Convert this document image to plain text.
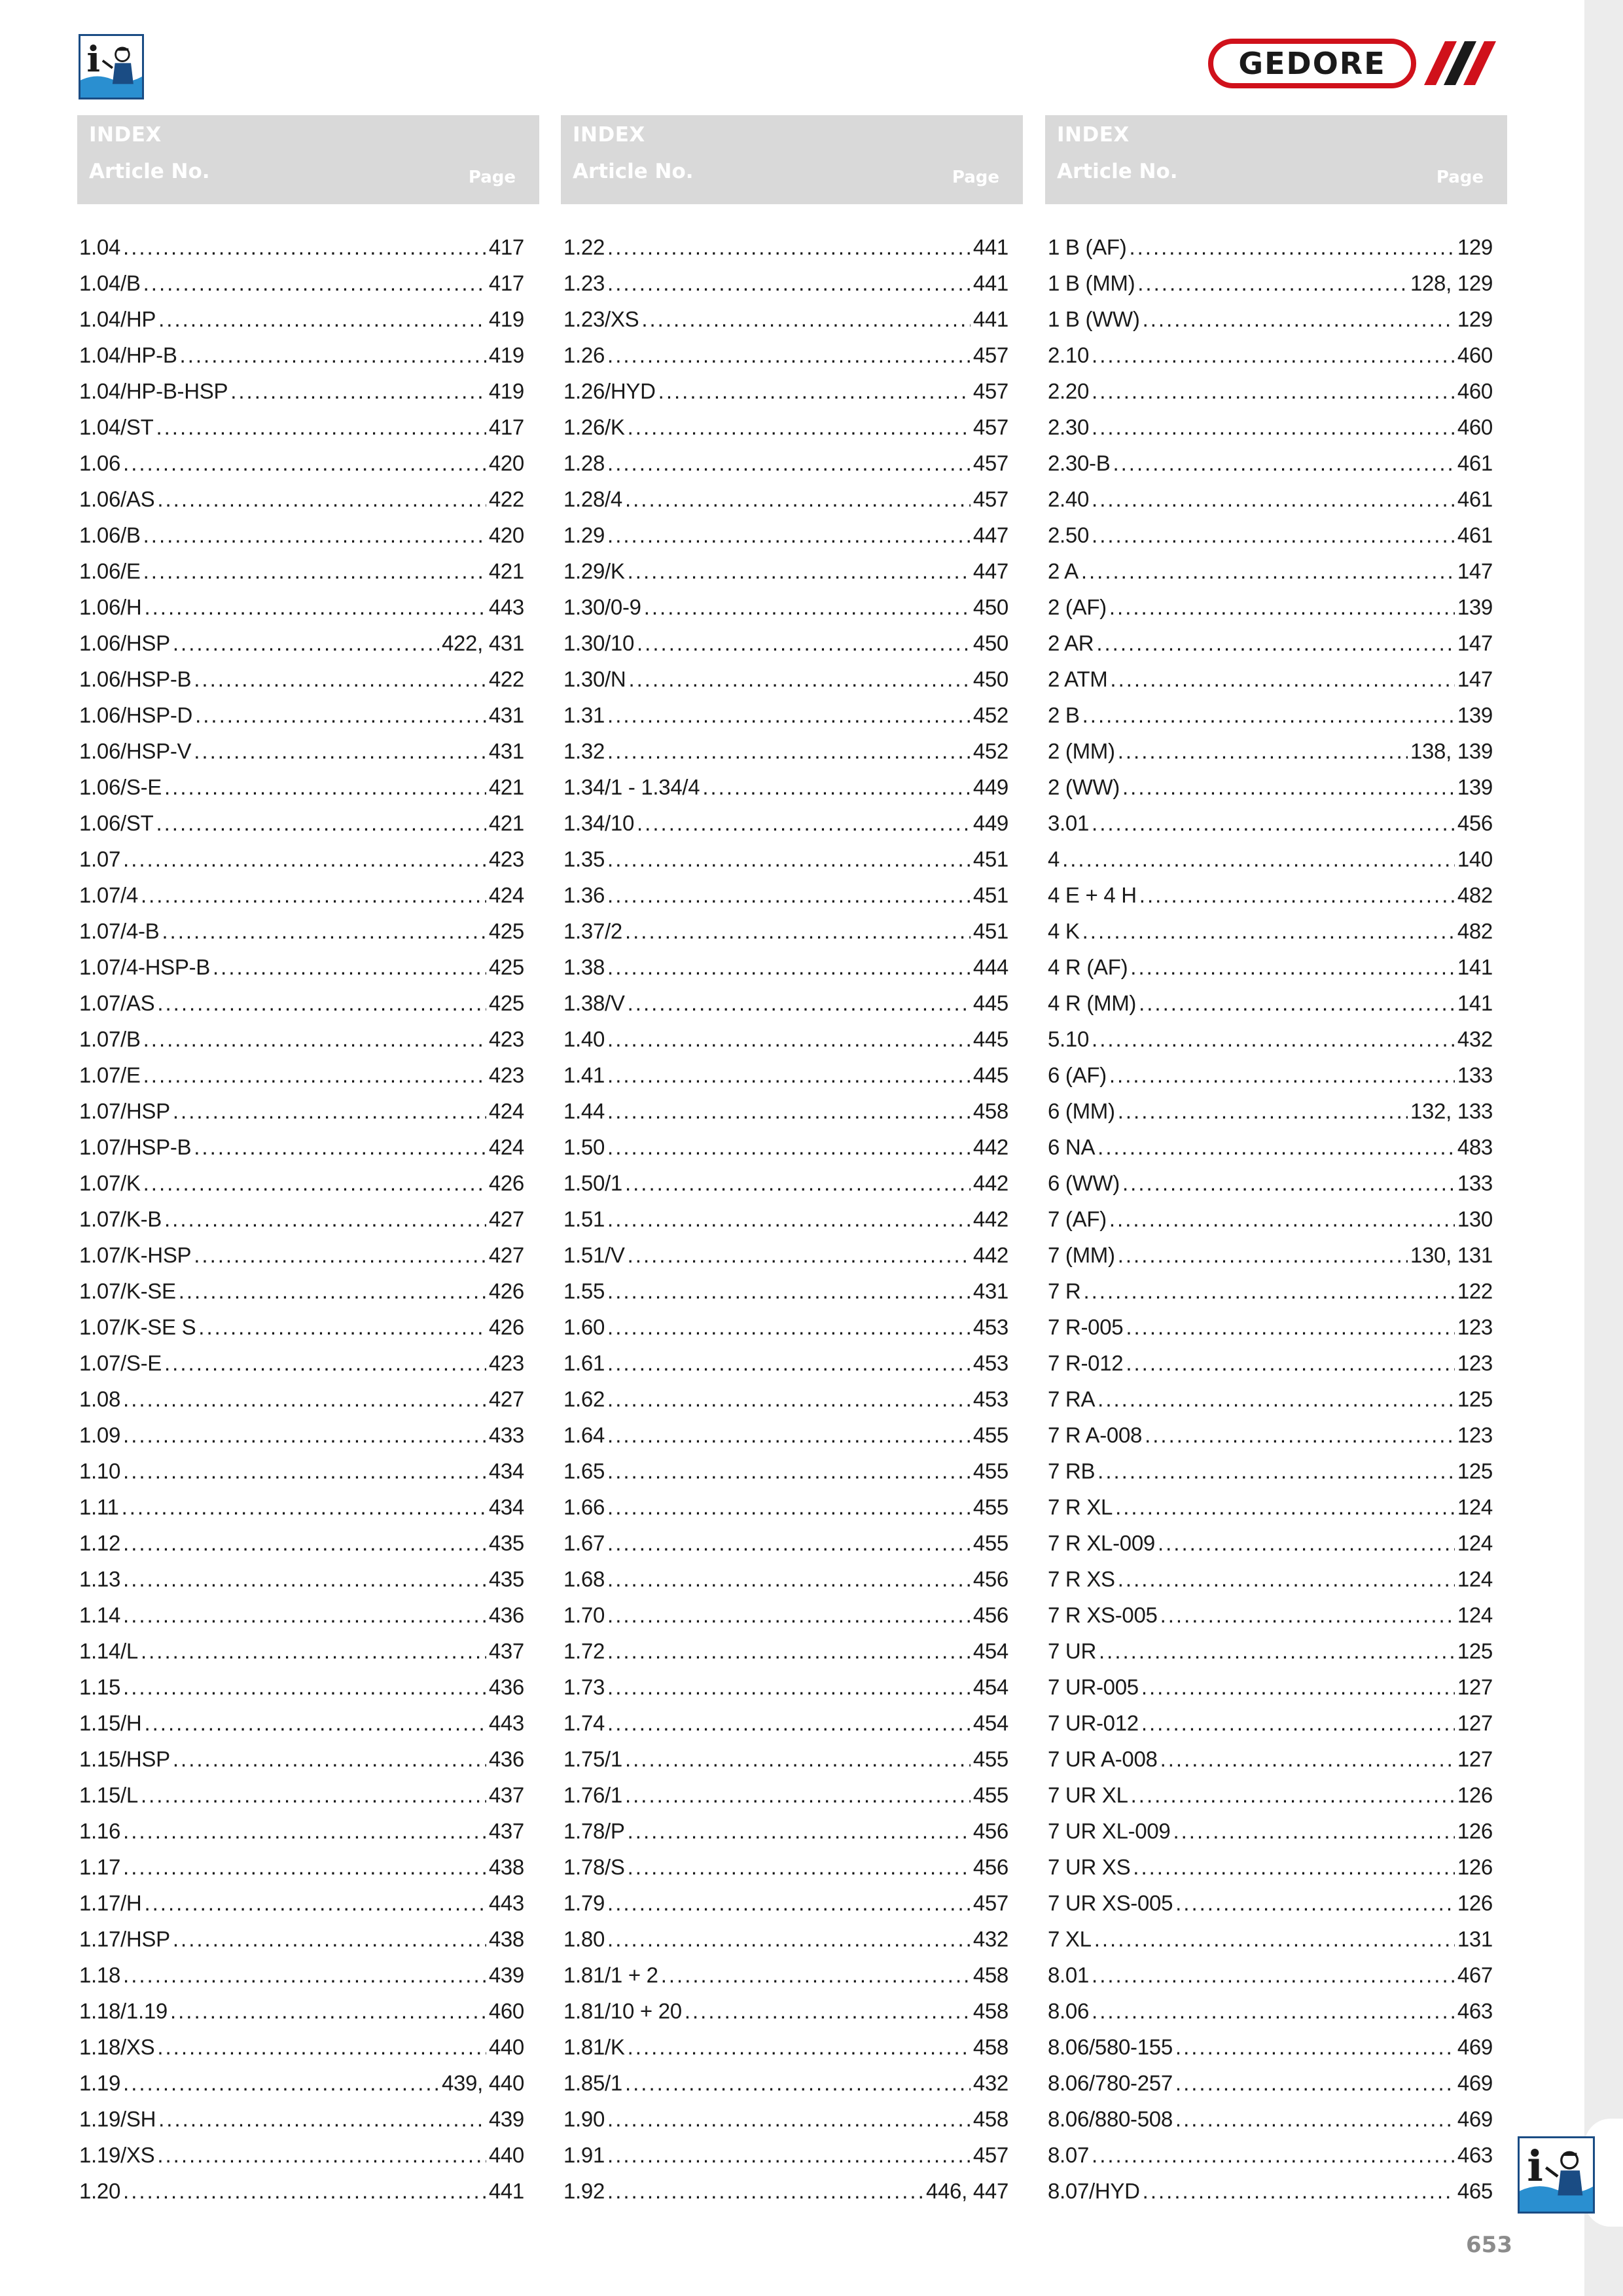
i	GEDORE
INDEX
Article No.	Page
INDEX
Article No.	Page
INDEX
Article No.	Page
1.04 .....	417
1.04/B .....	417
1.04/HP .....	419
1.04/HP-B .....	419
1.04/HP-B-HSP .....	419
1.04/ST .....	417
1.06 .....	420
1.06/AS .....	422
1.06/B .....	420
1.06/E .....	421
1.06/H .....	443
1.06/HSP .....	422, 431
1.06/HSP-B .....	422
1.06/HSP-D .....	431
1.06/HSP-V .....	431
1.06/S-E .....	421
1.06/ST .....	421
1.07 .....	423
1.07/4 .....	424
1.07/4-B .....	425
1.07/4-HSP-B .....	425
1.07/AS .....	425
1.07/B .....	423
1.07/E .....	423
1.07/HSP .....	424
1.07/HSP-B .....	424
1.07/K .....	426
1.07/K-B .....	427
1.07/K-HSP .....	427
1.07/K-SE .....	426
1.07/K-SE S .....	426
1.07/S-E .....	423
1.08 .....	427
1.09 .....	433
1.10 .....	434
1.11 .....	434
1.12 .....	435
1.13 .....	435
1.14 .....	436
1.14/L .....	437
1.15 .....	436
1.15/H .....	443
1.15/HSP .....	436
1.15/L .....	437
1.16 .....	437
1.17 .....	438
1.17/H .....	443
1.17/HSP .....	438
1.18 .....	439
1.18/1.19 .....	460
1.18/XS .....	440
1.19 .....	439, 440
1.19/SH .....	439
1.19/XS .....	440
1.20 .....	441
1.22 .....	441
1.23 .....	441
1.23/XS .....	441
1.26 .....	457
1.26/HYD .....	457
1.26/K .....	457
1.28 .....	457
1.28/4 .....	457
1.29 .....	447
1.29/K .....	447
1.30/0-9 .....	450
1.30/10 .....	450
1.30/N .....	450
1.31 .....	452
1.32 .....	452
1.34/1 - 1.34/4 .....	449
1.34/10 .....	449
1.35 .....	451
1.36 .....	451
1.37/2 .....	451
1.38 .....	444
1.38/V .....	445
1.40 .....	445
1.41 .....	445
1.44 .....	458
1.50 .....	442
1.50/1 .....	442
1.51 .....	442
1.51/V .....	442
1.55 .....	431
1.60 .....	453
1.61 .....	453
1.62 .....	453
1.64 .....	455
1.65 .....	455
1.66 .....	455
1.67 .....	455
1.68 .....	456
1.70 .....	456
1.72 .....	454
1.73 .....	454
1.74 .....	454
1.75/1 .....	455
1.76/1 .....	455
1.78/P .....	456
1.78/S .....	456
1.79 .....	457
1.80 .....	432
1.81/1 + 2 .....	458
1.81/10 + 20 .....	458
1.81/K .....	458
1.85/1 .....	432
1.90 .....	458
1.91 .....	457
1.92 .....	446, 447
1 B (AF) .....	129
1 B (MM) .....	128, 129
1 B (WW) .....	129
2.10 .....	460
2.20 .....	460
2.30 .....	460
2.30-B .....	461
2.40 .....	461
2.50 .....	461
2 A .....	147
2 (AF) .....	139
2 AR .....	147
2 ATM .....	147
2 B .....	139
2 (MM) .....	138, 139
2 (WW) .....	139
3.01 .....	456
4 .....	140
4 E + 4 H .....	482
4 K .....	482
4 R (AF) .....	141
4 R (MM) .....	141
5.10 .....	432
6 (AF) .....	133
6 (MM) .....	132, 133
6 NA .....	483
6 (WW) .....	133
7 (AF) .....	130
7 (MM) .....	130, 131
7 R .....	122
7 R-005 .....	123
7 R-012 .....	123
7 RA .....	125
7 R A-008 .....	123
7 RB .....	125
7 R XL .....	124
7 R XL-009 .....	124
7 R XS .....	124
7 R XS-005 .....	124
7 UR .....	125
7 UR-005 .....	127
7 UR-012 .....	127
7 UR A-008 .....	127
7 UR XL .....	126
7 UR XL-009 .....	126
7 UR XS .....	126
7 UR XS-005 .....	126
7 XL .....	131
8.01 .....	467
8.06 .....	463
8.06/580-155 .....	469
8.06/780-257 .....	469
8.06/880-508 .....	469
8.07 .....	463
8.07/HYD .....	465 i
653
